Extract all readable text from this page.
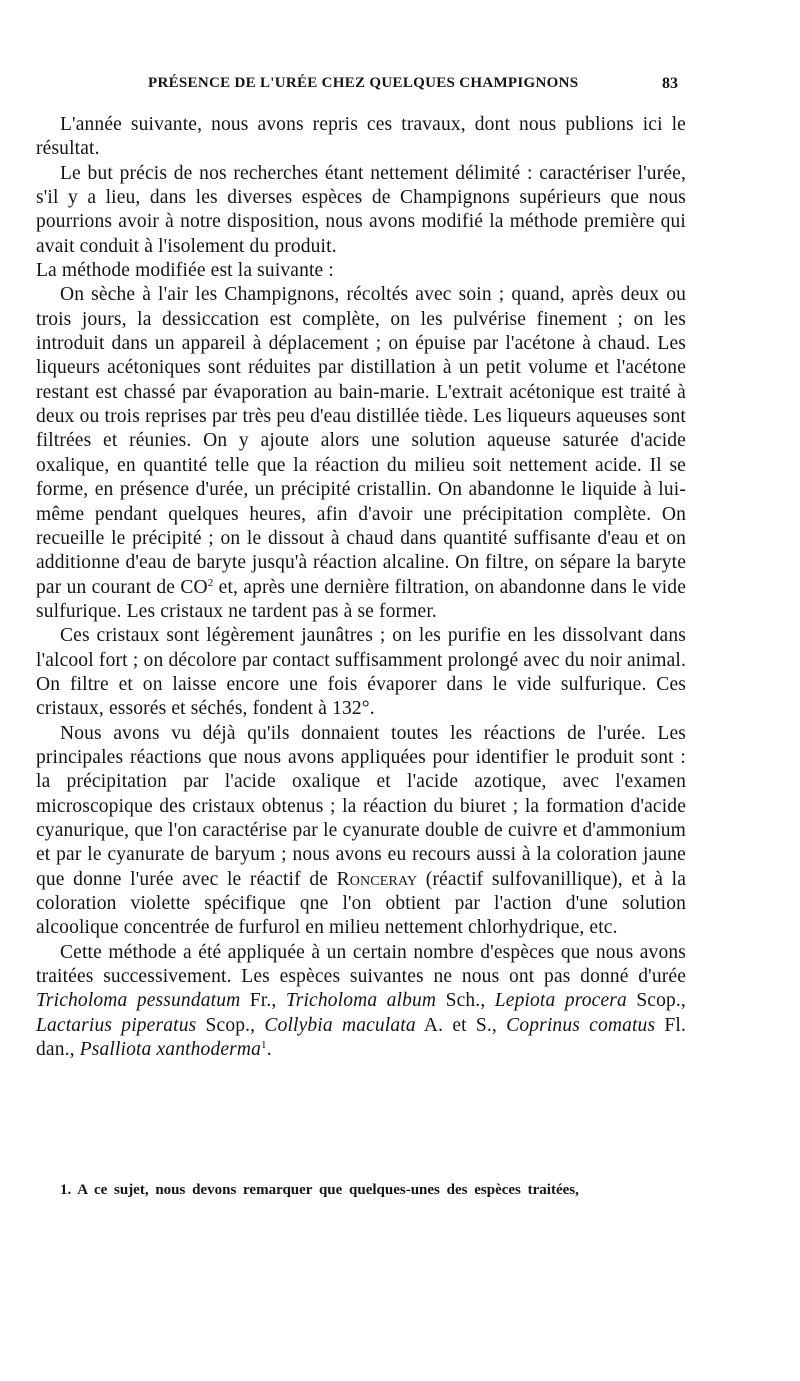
PRÉSENCE DE L'URÉE CHEZ QUELQUES CHAMPIGNONS	83

L'année suivante, nous avons repris ces travaux, dont nous publions ici le résultat.

Le but précis de nos recherches étant nettement délimité : caractériser l'urée, s'il y a lieu, dans les diverses espèces de Champignons supérieurs que nous pourrions avoir à notre disposition, nous avons modifié la méthode première qui avait conduit à l'isolement du produit.

La méthode modifiée est la suivante :

On sèche à l'air les Champignons, récoltés avec soin ; quand, après deux ou trois jours, la dessiccation est complète, on les pulvérise finement ; on les introduit dans un appareil à déplacement ; on épuise par l'acétone à chaud. Les liqueurs acétoniques sont réduites par distillation à un petit volume et l'acétone restant est chassé par évaporation au bain-marie. L'extrait acétonique est traité à deux ou trois reprises par très peu d'eau distillée tiède. Les liqueurs aqueuses sont filtrées et réunies. On y ajoute alors une solution aqueuse saturée d'acide oxalique, en quantité telle que la réaction du milieu soit nettement acide. Il se forme, en présence d'urée, un précipité cristallin. On abandonne le liquide à lui-même pendant quelques heures, afin d'avoir une précipitation complète. On recueille le précipité ; on le dissout à chaud dans quantité suffisante d'eau et on additionne d'eau de baryte jusqu'à réaction alcaline. On filtre, on sépare la baryte par un courant de $CO^2$ et, après une dernière filtration, on abandonne dans le vide sulfurique. Les cristaux ne tardent pas à se former.

Ces cristaux sont légèrement jaunâtres ; on les purifie en les dissolvant dans l'alcool fort ; on décolore par contact suffisamment prolongé avec du noir animal. On filtre et on laisse encore une fois évaporer dans le vide sulfurique. Ces cristaux, essorés et séchés, fondent à 132°.

Nous avons vu déjà qu'ils donnaient toutes les réactions de l'urée. Les principales réactions que nous avons appliquées pour identifier le produit sont : la précipitation par l'acide oxalique et l'acide azotique, avec l'examen microscopique des cristaux obtenus ; la réaction du biuret ; la formation d'acide cyanurique, que l'on caractérise par le cyanurate double de cuivre et d'ammonium et par le cyanurate de baryum ; nous avons eu recours aussi à la coloration jaune que donne l'urée avec le réactif de Ronceray (réactif sulfovanillique), et à la coloration violette spécifique qne l'on obtient par l'action d'une solution alcoolique concentrée de furfurol en milieu nettement chlorhydrique, etc.

Cette méthode a été appliquée à un certain nombre d'espèces que nous avons traitées successivement. Les espèces suivantes ne nous ont pas donné d'urée Tricholoma pessundatum Fr., Tricholoma album Sch., Lepiota procera Scop., Lactarius piperatus Scop., Collybia maculata A. et S., Coprinus comatus Fl. dan., Psalliota xanthoderma$^1$.

1. A ce sujet, nous devons remarquer que quelques-unes des espèces traitées,
